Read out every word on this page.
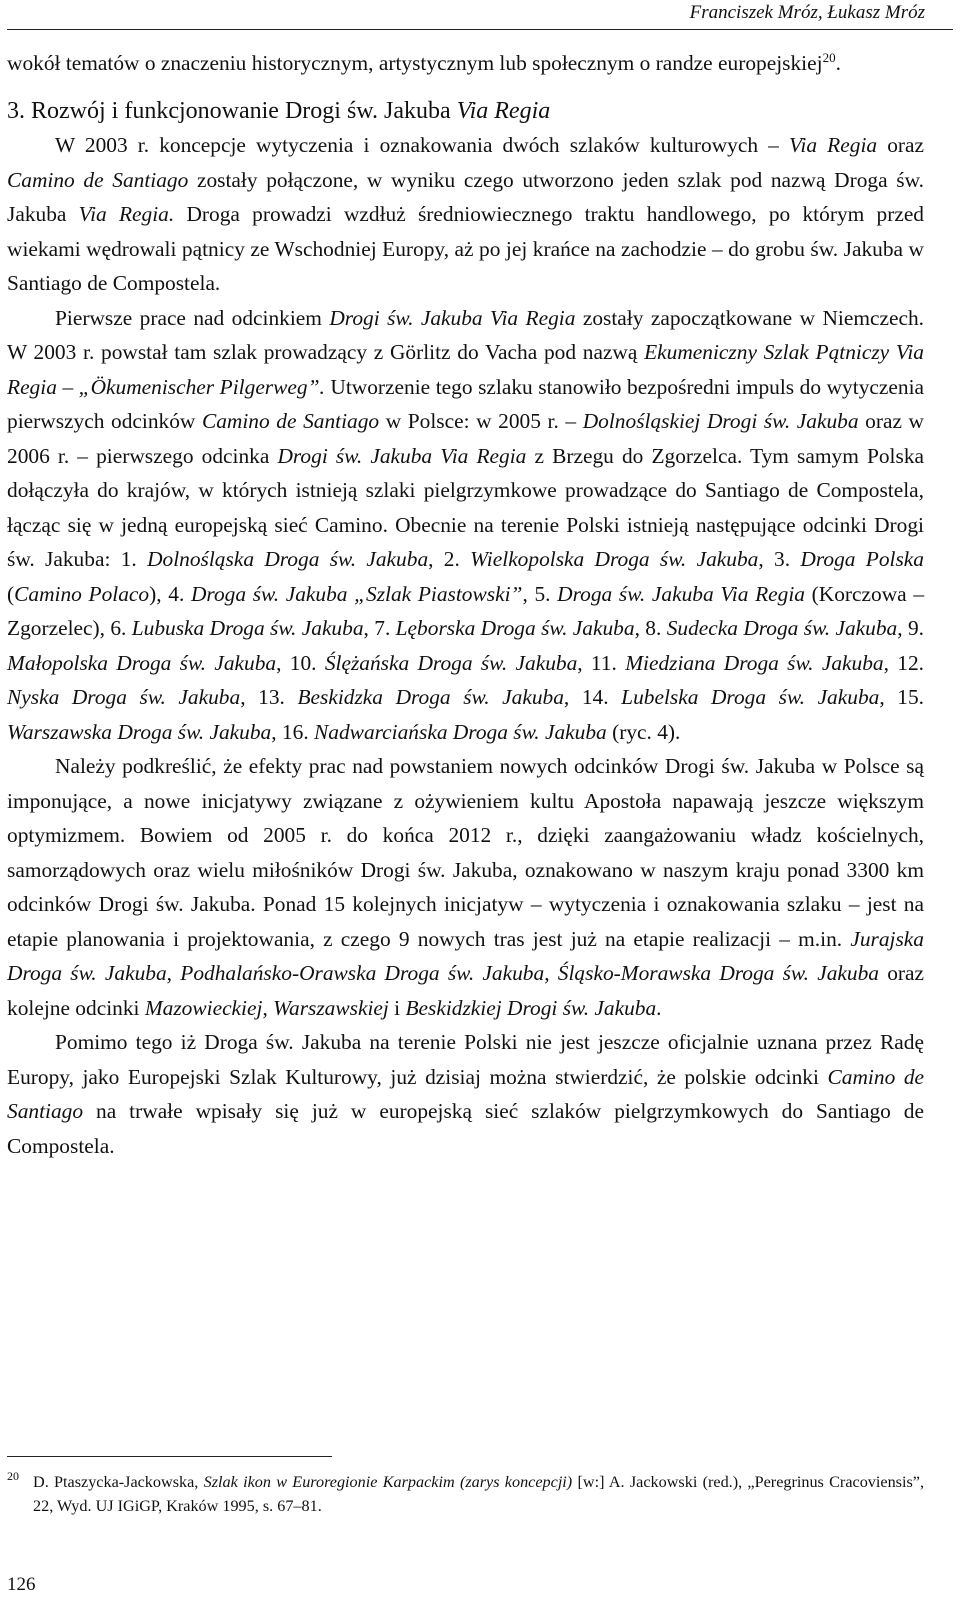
Franciszek Mróz, Łukasz Mróz

wokół tematów o znaczeniu historycznym, artystycznym lub społecznym o randze europejskiej$^{20}$.

3. Rozwój i funkcjonowanie Drogi św. Jakuba Via Regia

W 2003 r. koncepcje wytyczenia i oznakowania dwóch szlaków kulturowych – Via Regia oraz Camino de Santiago zostały połączone, w wyniku czego utworzono jeden szlak pod nazwą Droga św. Jakuba Via Regia. Droga prowadzi wzdłuż średniowiecznego traktu handlowego, po którym przed wiekami wędrowali pątnicy ze Wschodniej Europy, aż po jej krańce na zachodzie – do grobu św. Jakuba w Santiago de Compostela.

Pierwsze prace nad odcinkiem Drogi św. Jakuba Via Regia zostały zapoczątkowane w Niemczech. W 2003 r. powstał tam szlak prowadzący z Görlitz do Vacha pod nazwą Ekumeniczny Szlak Pątniczy Via Regia – „Ökumenischer Pilgerweg”. Utworzenie tego szlaku stanowiło bezpośredni impuls do wytyczenia pierwszych odcinków Camino de Santiago w Polsce: w 2005 r. – Dolnośląskiej Drogi św. Jakuba oraz w 2006 r. – pierwszego odcinka Drogi św. Jakuba Via Regia z Brzegu do Zgorzelca. Tym samym Polska dołączyła do krajów, w których istnieją szlaki pielgrzymkowe prowadzące do Santiago de Compostela, łącząc się w jedną europejską sieć Camino. Obecnie na terenie Polski istnieją następujące odcinki Drogi św. Jakuba: 1. Dolnośląska Droga św. Jakuba, 2. Wielkopolska Droga św. Jakuba, 3. Droga Polska (Camino Polaco), 4. Droga św. Jakuba „Szlak Piastowski”, 5. Droga św. Jakuba Via Regia (Korczowa – Zgorzelec), 6. Lubuska Droga św. Jakuba, 7. Lęborska Droga św. Jakuba, 8. Sudecka Droga św. Jakuba, 9. Małopolska Droga św. Jakuba, 10. Ślężańska Droga św. Jakuba, 11. Miedziana Droga św. Jakuba, 12. Nyska Droga św. Jakuba, 13. Beskidzka Droga św. Jakuba, 14. Lubelska Droga św. Jakuba, 15. Warszawska Droga św. Jakuba, 16. Nadwarciańska Droga św. Jakuba (ryc. 4).

Należy podkreślić, że efekty prac nad powstaniem nowych odcinków Drogi św. Jakuba w Polsce są imponujące, a nowe inicjatywy związane z ożywieniem kultu Apostoła napawają jeszcze większym optymizmem. Bowiem od 2005 r. do końca 2012 r., dzięki zaangażowaniu władz kościelnych, samorządowych oraz wielu miłośników Drogi św. Jakuba, oznakowano w naszym kraju ponad 3300 km odcinków Drogi św. Jakuba. Ponad 15 kolejnych inicjatyw – wytyczenia i oznakowania szlaku – jest na etapie planowania i projektowania, z czego 9 nowych tras jest już na etapie realizacji – m.in. Jurajska Droga św. Jakuba, Podhalańsko-Orawska Droga św. Jakuba, Śląsko-Morawska Droga św. Jakuba oraz kolejne odcinki Mazowieckiej, Warszawskiej i Beskidzkiej Drogi św. Jakuba.

Pomimo tego iż Droga św. Jakuba na terenie Polski nie jest jeszcze oficjalnie uznana przez Radę Europy, jako Europejski Szlak Kulturowy, już dzisiaj można stwierdzić, że polskie odcinki Camino de Santiago na trwałe wpisały się już w europejską sieć szlaków pielgrzymkowych do Santiago de Compostela.

20 D. Ptaszycka-Jackowska, Szlak ikon w Euroregionie Karpackim (zarys koncepcji) [w:] A. Jackowski (red.), „Peregrinus Cracoviensis”, 22, Wyd. UJ IGiGP, Kraków 1995, s. 67–81.
126
